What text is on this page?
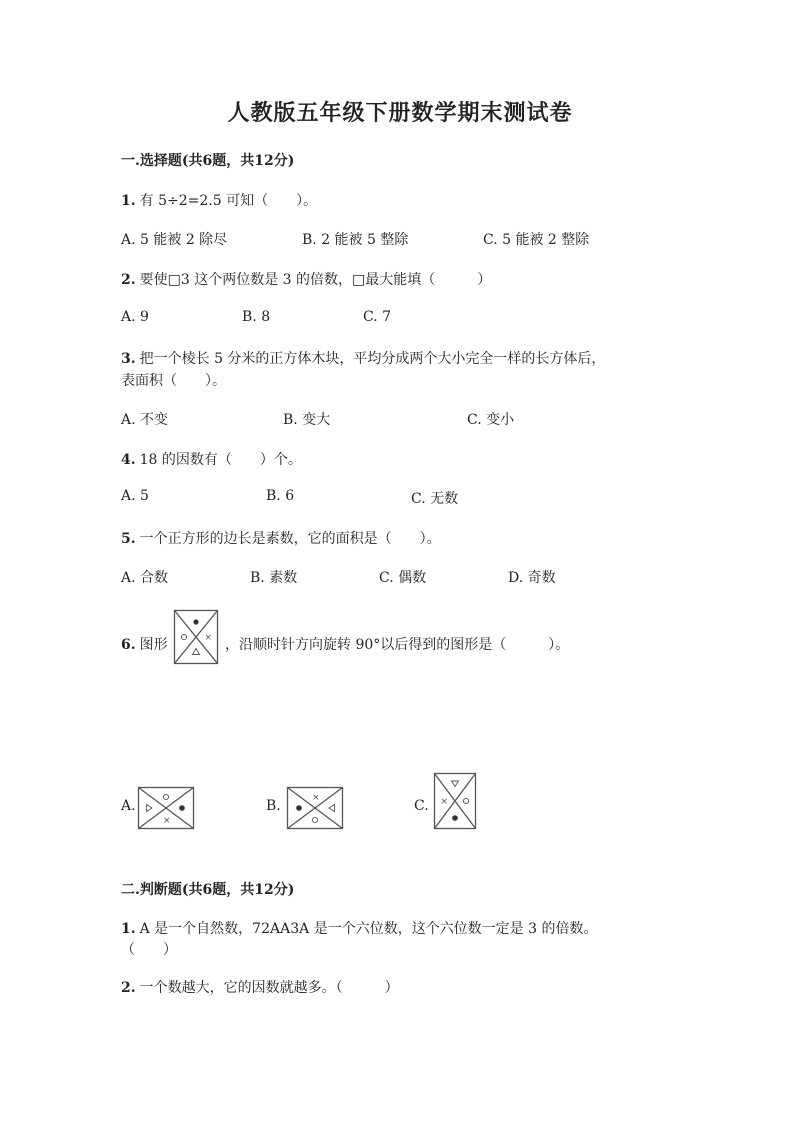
人教版五年级下册数学期末测试卷
一.选择题(共6题，共12分)
1. 有 5÷2=2.5 可知（　　）。
A. 5 能被 2 除尽	B. 2 能被 5 整除	C. 5 能被 2 整除
2. 要使□3 这个两位数是 3 的倍数，□最大能填（　　　）
A. 9	B. 8	C. 7
3. 把一个棱长 5 分米的正方体木块，平均分成两个大小完全一样的长方体后，
表面积（　　）。
A. 不变	B. 变大	C. 变小
4. 18 的因数有（　　）个。
A. 5	B. 6	C. 无数
5. 一个正方形的边长是素数，它的面积是（　　）。
A. 合数	B. 素数	C. 偶数	D. 奇数
6. 图形	× ，沿顺时针方向旋转 90°以后得到的图形是（　　　）。
A.
×
B.	×	C. ×
二.判断题(共6题，共12分)
1. A 是一个自然数，72AA3A 是一个六位数，这个六位数一定是 3 的倍数。
（　　）
2. 一个数越大，它的因数就越多。（　　　）
